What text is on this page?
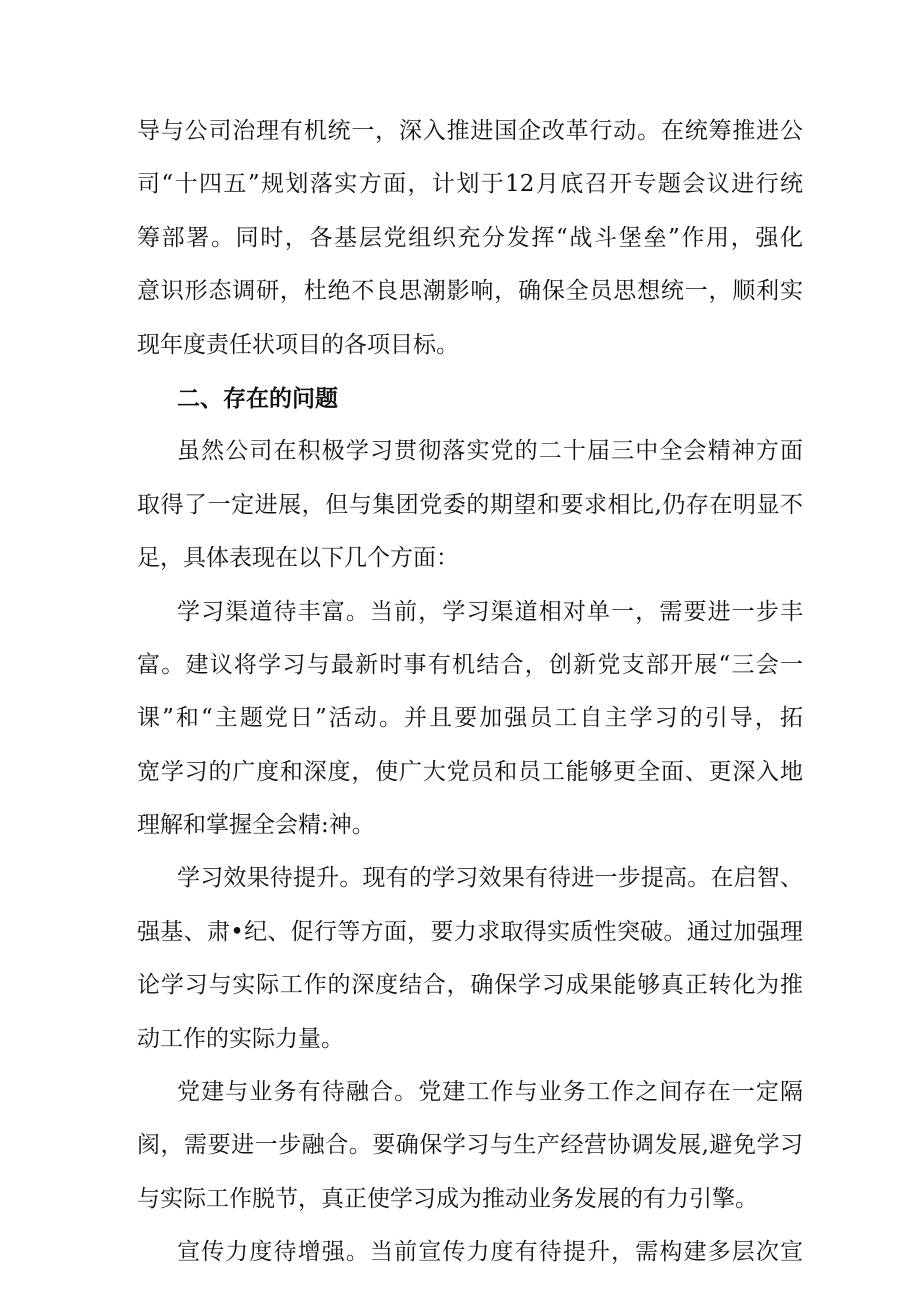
导与公司治理有机统一，深入推进国企改革行动。在统筹推进公
司“十四五”规划落实方面，计划于12月底召开专题会议进行统
筹部署。同时，各基层党组织充分发挥“战斗堡垒”作用，强化
意识形态调研，杜绝不良思潮影响，确保全员思想统一，顺利实
现年度责任状项目的各项目标。
二、存在的问题
虽然公司在积极学习贯彻落实党的二十届三中全会精神方面
取得了一定进展，但与集团党委的期望和要求相比,仍存在明显不
足，具体表现在以下几个方面：
学习渠道待丰富。当前，学习渠道相对单一，需要进一步丰
富。建议将学习与最新时事有机结合，创新党支部开展“三会一
课”和“主题党日”活动。并且要加强员工自主学习的引导，拓
宽学习的广度和深度，使广大党员和员工能够更全面、更深入地
理解和掌握全会精:神。
学习效果待提升。现有的学习效果有待进一步提高。在启智、
强基、肃•纪、促行等方面，要力求取得实质性突破。通过加强理
论学习与实际工作的深度结合，确保学习成果能够真正转化为推
动工作的实际力量。
党建与业务有待融合。党建工作与业务工作之间存在一定隔
阂，需要进一步融合。要确保学习与生产经营协调发展,避免学习
与实际工作脱节，真正使学习成为推动业务发展的有力引擎。
宣传力度待增强。当前宣传力度有待提升，需构建多层次宣
